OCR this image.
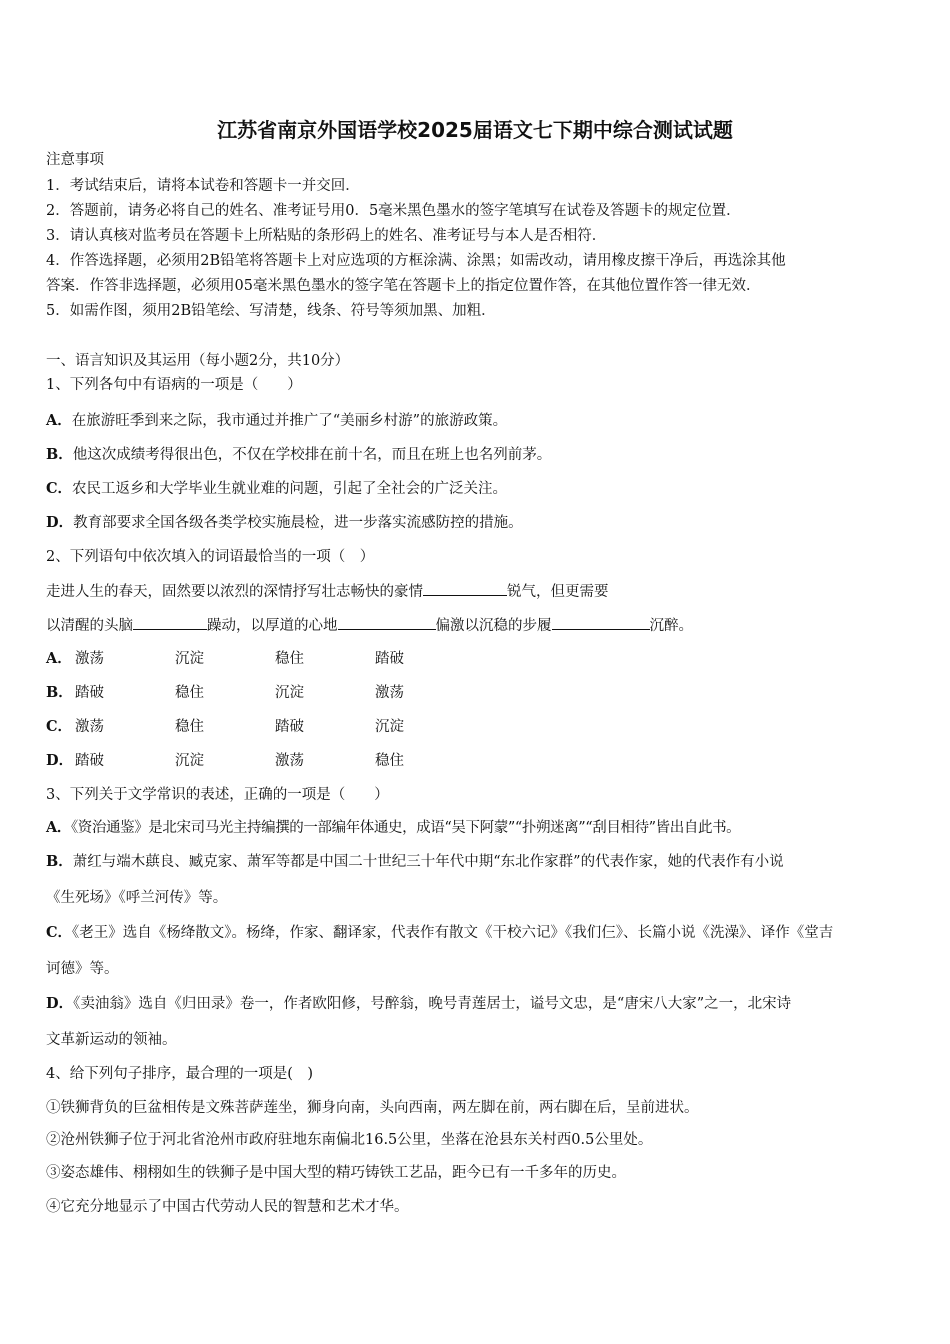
江苏省南京外国语学校2025届语文七下期中综合测试试题
注意事项
1．考试结束后，请将本试卷和答题卡一并交回．
2．答题前，请务必将自己的姓名、准考证号用0．5毫米黑色墨水的签字笔填写在试卷及答题卡的规定位置．
3．请认真核对监考员在答题卡上所粘贴的条形码上的姓名、准考证号与本人是否相符．
4．作答选择题，必须用2B铅笔将答题卡上对应选项的方框涂满、涂黑；如需改动，请用橡皮擦干净后，再选涂其他
答案．作答非选择题，必须用05毫米黑色墨水的签字笔在答题卡上的指定位置作答，在其他位置作答一律无效．
5．如需作图，须用2B铅笔绘、写清楚，线条、符号等须加黑、加粗．
一、语言知识及其运用（每小题2分，共10分）
1、下列各句中有语病的一项是（　　）
A．在旅游旺季到来之际，我市通过并推广了“美丽乡村游”的旅游政策。
B．他这次成绩考得很出色，不仅在学校排在前十名，而且在班上也名列前茅。
C．农民工返乡和大学毕业生就业难的问题，引起了全社会的广泛关注。
D．教育部要求全国各级各类学校实施晨检，进一步落实流感防控的措施。
2、下列语句中依次填入的词语最恰当的一项（　）
走进人生的春天，固然要以浓烈的深情抒写壮志畅快的豪情	锐气，但更需要
以清醒的头脑	躁动，以厚道的心地	偏激以沉稳的步履	沉醉。
A． 激荡	沉淀	稳住	踏破
B． 踏破	稳住	沉淀	激荡
C． 激荡	稳住	踏破	沉淀
D． 踏破	沉淀	激荡	稳住
3、下列关于文学常识的表述，正确的一项是（　　）
A．《资治通鉴》是北宋司马光主持编撰的一部编年体通史，成语“吴下阿蒙”“扑朔迷离”“刮目相待”皆出自此书。
B．萧红与端木蕻良、臧克家、萧军等都是中国二十世纪三十年代中期“东北作家群”的代表作家，她的代表作有小说
《生死场》《呼兰河传》等。
C．《老王》选自《杨绛散文》。杨绛，作家、翻译家，代表作有散文《干校六记》《我们仨》、长篇小说《洗澡》、译作《堂吉
诃德》等。
D．《卖油翁》选自《归田录》卷一，作者欧阳修，号醉翁，晚号青莲居士，谥号文忠，是“唐宋八大家”之一，北宋诗
文革新运动的领袖。
4、给下列句子排序，最合理的一项是(　)
①铁狮背负的巨盆相传是文殊菩萨莲坐，狮身向南，头向西南，两左脚在前，两右脚在后，呈前进状。
②沧州铁狮子位于河北省沧州市政府驻地东南偏北16.5公里，坐落在沧县东关村西0.5公里处。
③姿态雄伟、栩栩如生的铁狮子是中国大型的精巧铸铁工艺品，距今已有一千多年的历史。
④它充分地显示了中国古代劳动人民的智慧和艺术才华。
